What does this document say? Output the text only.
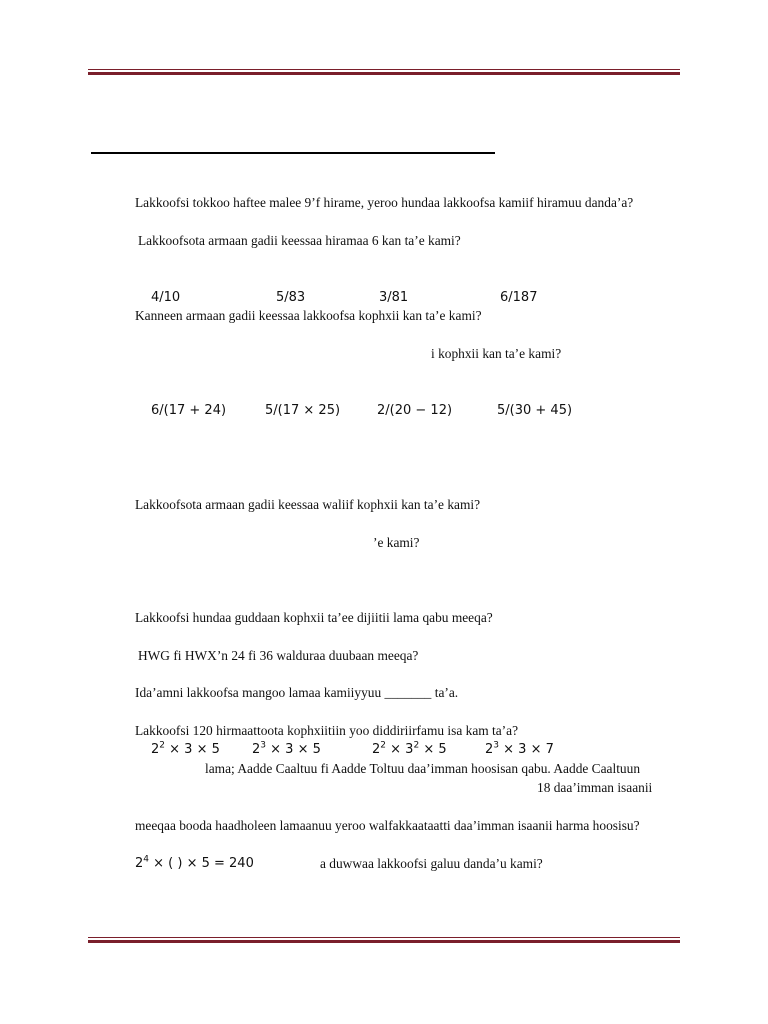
Lakkoofsi tokkoo haftee malee 9’f hirame, yeroo hundaa lakkoofsa kamiif hiramuu danda’a?
Lakkoofsota armaan gadii keessaa hiramaa 6 kan ta’e kami?
4/10	5/83	3/81	6/187
Kanneen armaan gadii keessaa lakkoofsa kophxii kan ta’e kami?
i kophxii kan ta’e kami?
6/(17 + 24)	5/(17 × 25)	2/(20 − 12)	5/(30 + 45)
Lakkoofsota armaan gadii keessaa waliif kophxii kan ta’e kami?
’e kami?
Lakkoofsi hundaa guddaan kophxii ta’ee dijiitii lama qabu meeqa?
HWG fi HWX’n 24 fi 36 walduraa duubaan meeqa?
Ida’amni lakkoofsa mangoo lamaa kamiiyyuu _______ ta’a.
Lakkoofsi 120 hirmaattoota kophxiitiin yoo diddiriirfamu isa kam ta’a?
$2^2 \times 3 \times 5$ $2^3 \times 3 \times 5$	$2^2 \times 3^2 \times 5$	$2^3 \times 3 \times 7$
lama; Aadde Caaltuu fi Aadde Toltuu daa’imman hoosisan qabu. Aadde Caaltuun
18 daa’imman isaanii
meeqaa booda haadholeen lamaanuu yeroo walfakkaataatti daa’imman isaanii harma hoosisu?
$2^4$ × ( ) × 5 = 240	a duwwaa lakkoofsi galuu danda’u kami?
